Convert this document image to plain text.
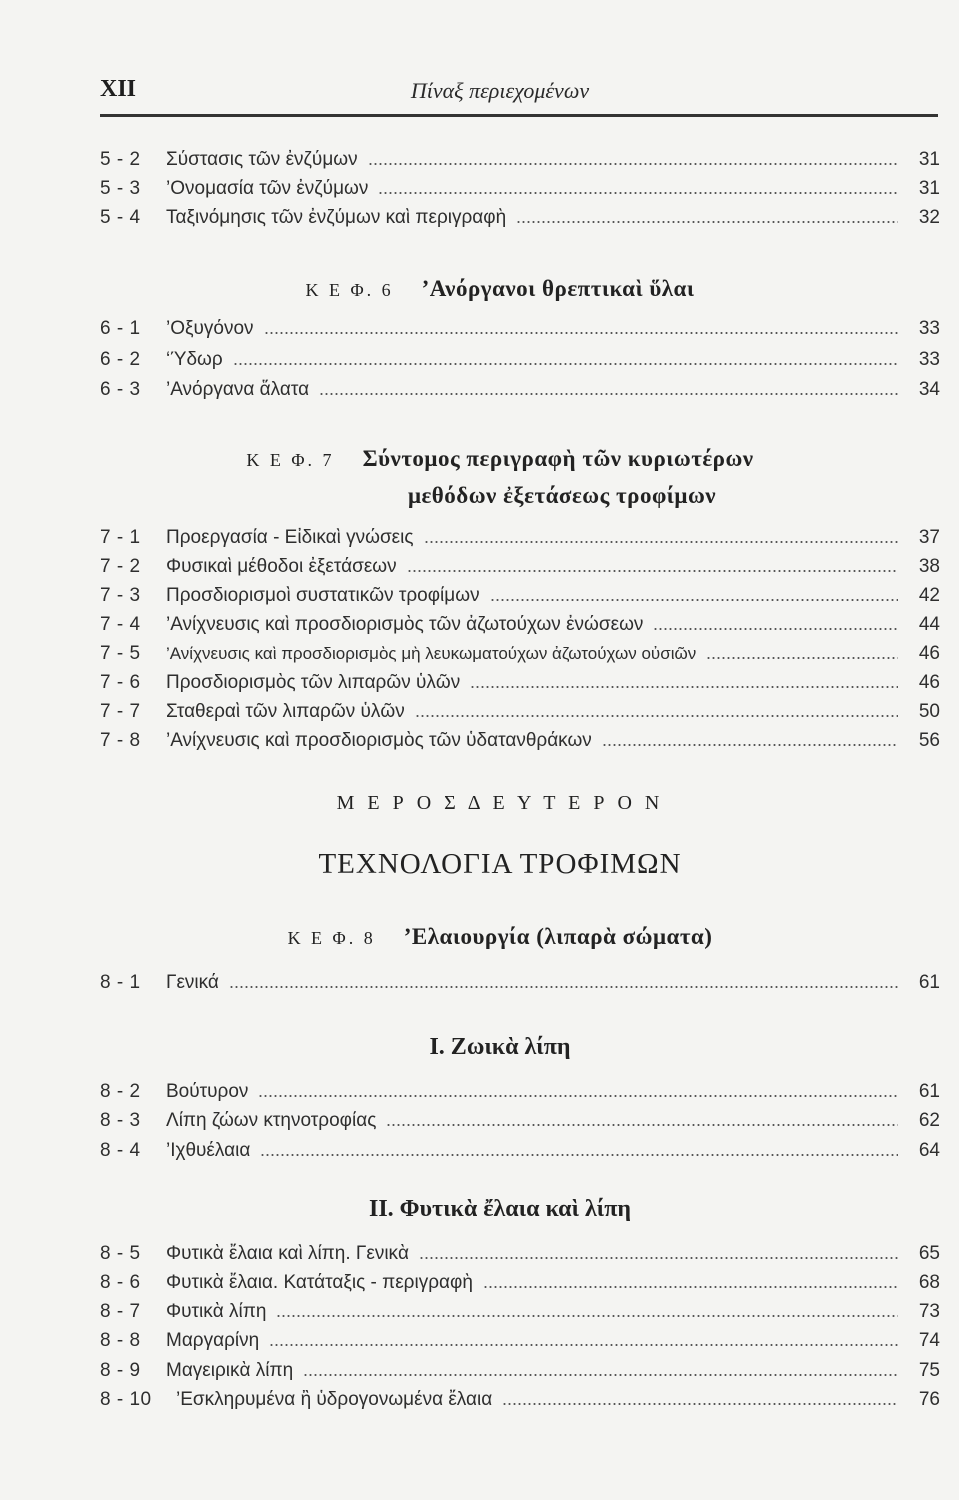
XII	Πίναξ περιεχομένων
5 - 2	Σύστασις τῶν ἐνζύμων	31
5 - 3	’Ονομασία τῶν ἐνζύμων	31
5 - 4	Ταξινόμησις τῶν ἐνζύμων καὶ περιγραφὴ	32
Κ Ε Φ. 6 ’Ανόργανοι θρεπτικαὶ ὕλαι
6 - 1	’Οξυγόνον	33
6 - 2	‘Ύδωρ	33
6 - 3	’Ανόργανα ἅλατα	34
Κ Ε Φ. 7 Σύντομος περιγραφὴ τῶν κυριωτέρων
μεθόδων ἐξετάσεως τροφίμων
7 - 1	Προεργασία - Εἰδικαὶ γνώσεις	37
7 - 2	Φυσικαὶ μέθοδοι ἐξετάσεων	38
7 - 3	Προσδιορισμοὶ συστατικῶν τροφίμων	42
7 - 4	’Ανίχνευσις καὶ προσδιορισμὸς τῶν ἀζωτούχων ἐνώσεων	44
7 - 5	’Ανίχνευσις καὶ προσδιορισμὸς μὴ λευκωματούχων ἀζωτούχων οὐσιῶν	46
7 - 6	Προσδιορισμὸς τῶν λιπαρῶν ὑλῶν	46
7 - 7	Σταθεραὶ τῶν λιπαρῶν ὑλῶν	50
7 - 8	’Ανίχνευσις καὶ προσδιορισμὸς τῶν ὑδατανθράκων	56
Μ Ε Ρ Ο Σ Δ Ε Υ Τ Ε Ρ Ο Ν
ΤΕΧΝΟΛΟΓΙΑ ΤΡΟΦΙΜΩΝ
Κ Ε Φ. 8 ’Ελαιουργία (λιπαρὰ σώματα)
8 - 1	Γενικά	61
I. Ζωικὰ λίπη
8 - 2	Βούτυρον	61
8 - 3	Λίπη ζώων κτηνοτροφίας	62
8 - 4	’Ιχθυέλαια	64
II. Φυτικὰ ἔλαια καὶ λίπη
8 - 5	Φυτικὰ ἔλαια καὶ λίπη. Γενικὰ	65
8 - 6	Φυτικὰ ἔλαια. Κατάταξις - περιγραφὴ	68
8 - 7	Φυτικὰ λίπη	73
8 - 8	Μαργαρίνη	74
8 - 9	Μαγειρικὰ λίπη	75
8 - 10	’Εσκληρυμένα ἢ ὑδρογονωμένα ἔλαια	76
